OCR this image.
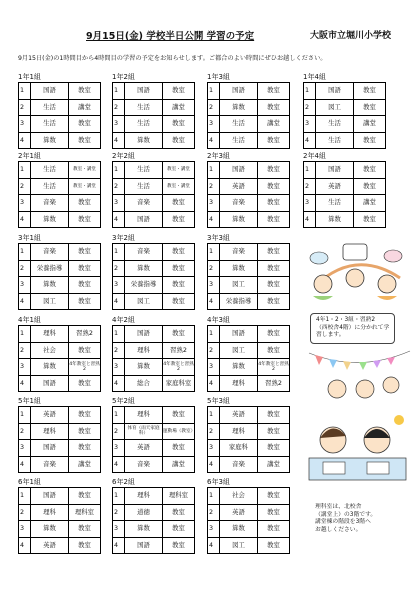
9月15日(金) 学校半日公開 学習の予定	大阪市立堀川小学校
9月15日(金)の1時間目から4時間目の学習の予定をお知らせします。ご都合のよい時間にぜひお越しください。
1年1組
1	国語	教室
2	生活	講堂
3	生活	教室
4	算数	教室
1年2組
1	国語	教室
2	生活	講堂
3	生活	教室
4	算数	教室
1年3組
1	国語	教室
2	算数	教室
3	生活	講堂
4	生活	教室
1年4組
1	国語	教室
2	図工	教室
3	生活	講堂
4	生活	教室
2年1組
1	生活	教室・講堂
2	生活	教室・講堂
3	音楽	教室
4	算数	教室
2年2組
1	生活	教室・講堂
2	生活	教室・講堂
3	音楽	教室
4	国語	教室
2年3組
1	国語	教室
2	英語	教室
3	音楽	教室
4	算数	教室
2年4組
1	国語	教室
2	英語	教室
3	生活	講堂
4	算数	教室
3年1組
1	音楽	教室
2	栄養指導	教室
3	算数	教室
4	図工	教室
3年2組
1	音楽	教室
2	算数	教室
3	栄養指導	教室
4	図工	教室
3年3組
1	音楽	教室
2	算数	教室
3	図工	教室
4	栄養指導	教室
4年1組
1	理科	習熟2
2	社会	教室
3	算数	4年教室と習熟2
4	国語	教室
4年2組
1	国語	教室
2	理科	習熟2
3	算数	4年教室と習熟2
4	総合	家庭科室
4年3組
1	国語	教室
2	図工	教室
3	算数	4年教室と習熟2
4	理科	習熟2
5年1組
1	英語	教室
2	理科	教室
3	国語	教室
4	音楽	講堂
5年2組
1	理科	教室
2	体育（雨天家庭科）	運動場（教室）
3	英語	教室
4	音楽	講堂
5年3組
1	英語	教室
2	理科	教室
3	家庭科	教室
4	音楽	講堂
6年1組
1	国語	教室
2	理科	理科室
3	算数	教室
4	英語	教室
6年2組
1	理科	理科室
2	道徳	教室
3	算数	教室
4	国語	教室
6年3組
1	社会	教室
2	英語	教室
3	算数	教室
4	図工	教室
4年1・2・3組・習熟2
（西校舎4階）に分かれて学
習します。
理科室は、北校舎
（講堂上）の3階です。
講堂棟の階段を3階へ
お越しください。
